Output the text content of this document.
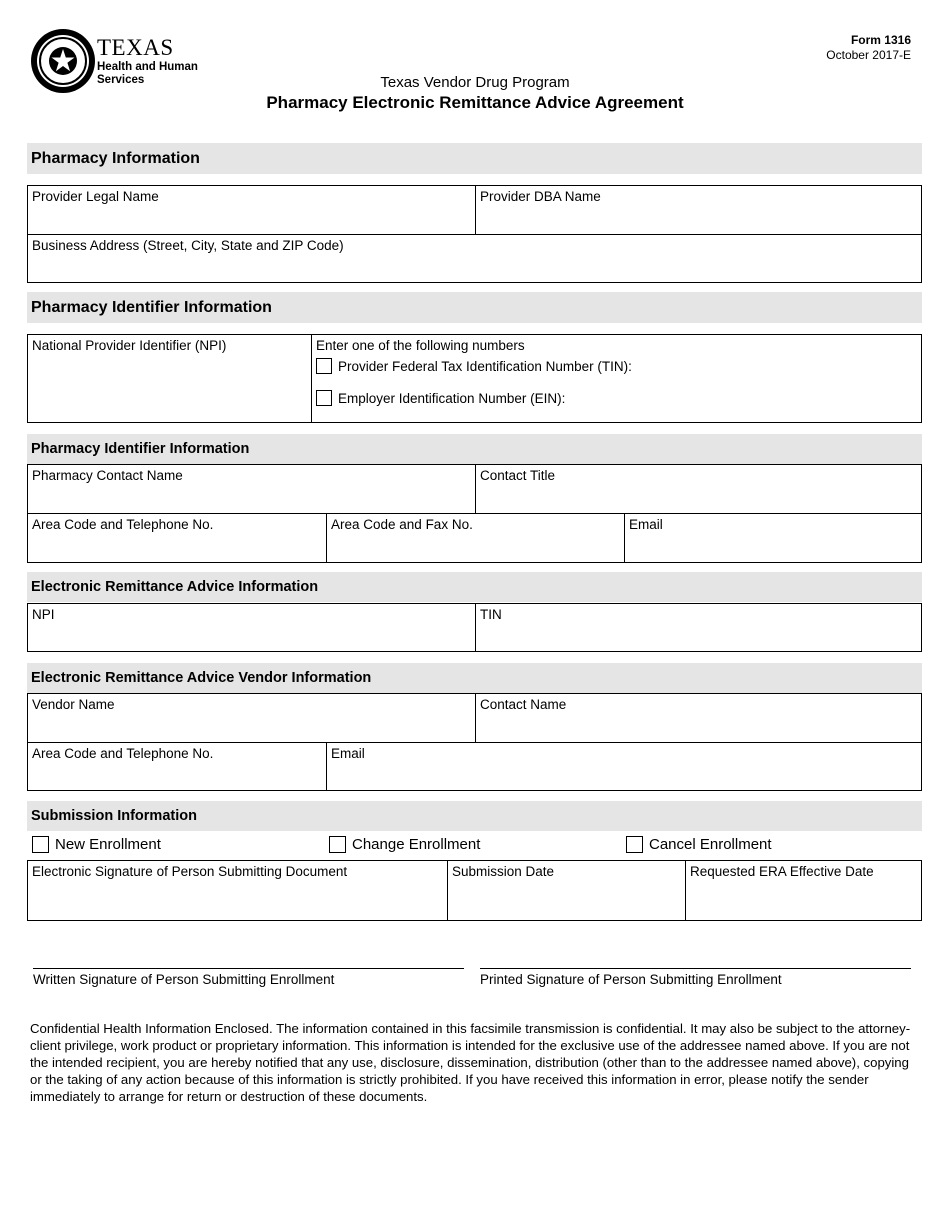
TEXAS
Health and Human
Services
Form 1316
October 2017-E
Texas Vendor Drug Program
Pharmacy Electronic Remittance Advice Agreement
Pharmacy Information
Provider Legal Name	Provider DBA Name
Business Address (Street, City, State and ZIP Code)
Pharmacy Identifier Information
National Provider Identifier (NPI)	Enter one of the following numbers
Provider Federal Tax Identification Number (TIN):
Employer Identification Number (EIN):
Pharmacy Identifier Information
Pharmacy Contact Name	Contact Title
Area Code and Telephone No.	Area Code and Fax No.	Email
Electronic Remittance Advice Information
NPI	TIN
Electronic Remittance Advice Vendor Information
Vendor Name	Contact Name
Area Code and Telephone No.	Email
Submission Information
New Enrollment	Change Enrollment	Cancel Enrollment
Electronic Signature of Person Submitting Document	Submission Date	Requested ERA Effective Date
Written Signature of Person Submitting Enrollment	Printed Signature of Person Submitting Enrollment
Confidential Health Information Enclosed. The information contained in this facsimile transmission is confidential. It may also be subject to the attorney-client privilege, work product or proprietary information. This information is intended for the exclusive use of the addressee named above. If you are not the intended recipient, you are hereby notified that any use, disclosure, dissemination, distribution (other than to the addressee named above), copying or the taking of any action because of this information is strictly prohibited. If you have received this information in error, please notify the sender immediately to arrange for return or destruction of these documents.
